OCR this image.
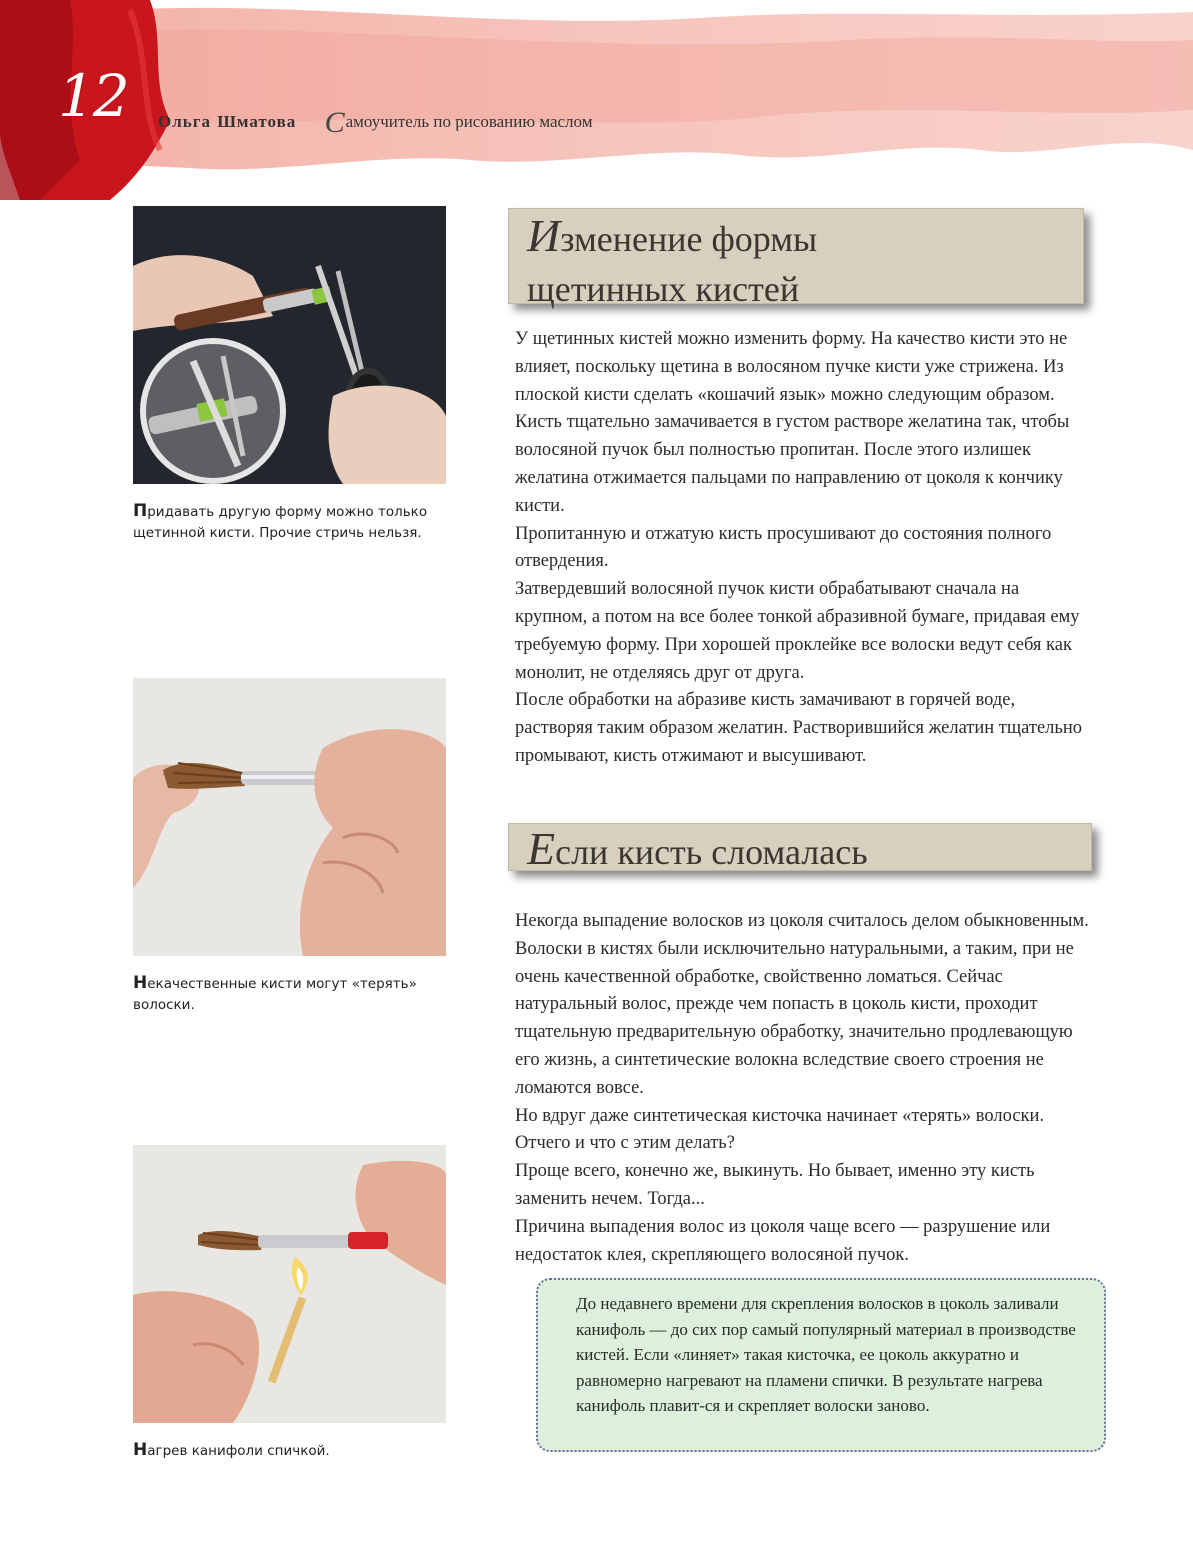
12 Ольга Шматова Самоучитель по рисованию маслом
Придавать другую форму можно только щетинной кисти. Прочие стричь нельзя.
Некачественные кисти могут «терять» волоски.
Нагрев канифоли спичкой.
Изменение формы
щетинных кистей

У щетинных кистей можно изменить форму. На качество кисти это не влияет, поскольку щетина в волосяном пучке кисти уже стрижена. Из плоской кисти сделать «кошачий язык» можно следующим образом.

Кисть тщательно замачивается в густом растворе желатина так, чтобы волосяной пучок был полностью пропитан. После этого излишек желатина отжимается пальцами по направлению от цоколя к кончику кисти.

Пропитанную и отжатую кисть просушивают до состояния полного отвердения.

Затвердевший волосяной пучок кисти обрабатывают сначала на крупном, а потом на все более тонкой абразивной бумаге, придавая ему требуемую форму. При хорошей проклейке все волоски ведут себя как монолит, не отделяясь друг от друга.

После обработки на абразиве кисть замачивают в горячей воде, растворяя таким образом желатин. Растворившийся желатин тщательно промывают, кисть отжимают и высушивают.

Если кисть сломалась

Некогда выпадение волосков из цоколя считалось делом обыкновенным. Волоски в кистях были исключительно натуральными, а таким, при не очень качественной обработке, свойственно ломаться. Сейчас натуральный волос, прежде чем попасть в цоколь кисти, проходит тщательную предварительную обработку, значительно продлевающую его жизнь, а синтетические волокна вследствие своего строения не ломаются вовсе.

Но вдруг даже синтетическая кисточка начинает «терять» волоски. Отчего и что с этим делать?

Проще всего, конечно же, выкинуть. Но бывает, именно эту кисть заменить нечем. Тогда...

Причина выпадения волос из цоколя чаще всего — разрушение или недостаток клея, скрепляющего волосяной пучок.

До недавнего времени для скрепления волосков в цоколь заливали канифоль — до сих пор самый популярный материал в производстве кистей. Если «линяет» такая кисточка, ее цоколь аккуратно и равномерно нагревают на пламени спички. В результате нагрева канифоль плавит-ся и скрепляет волоски заново.
